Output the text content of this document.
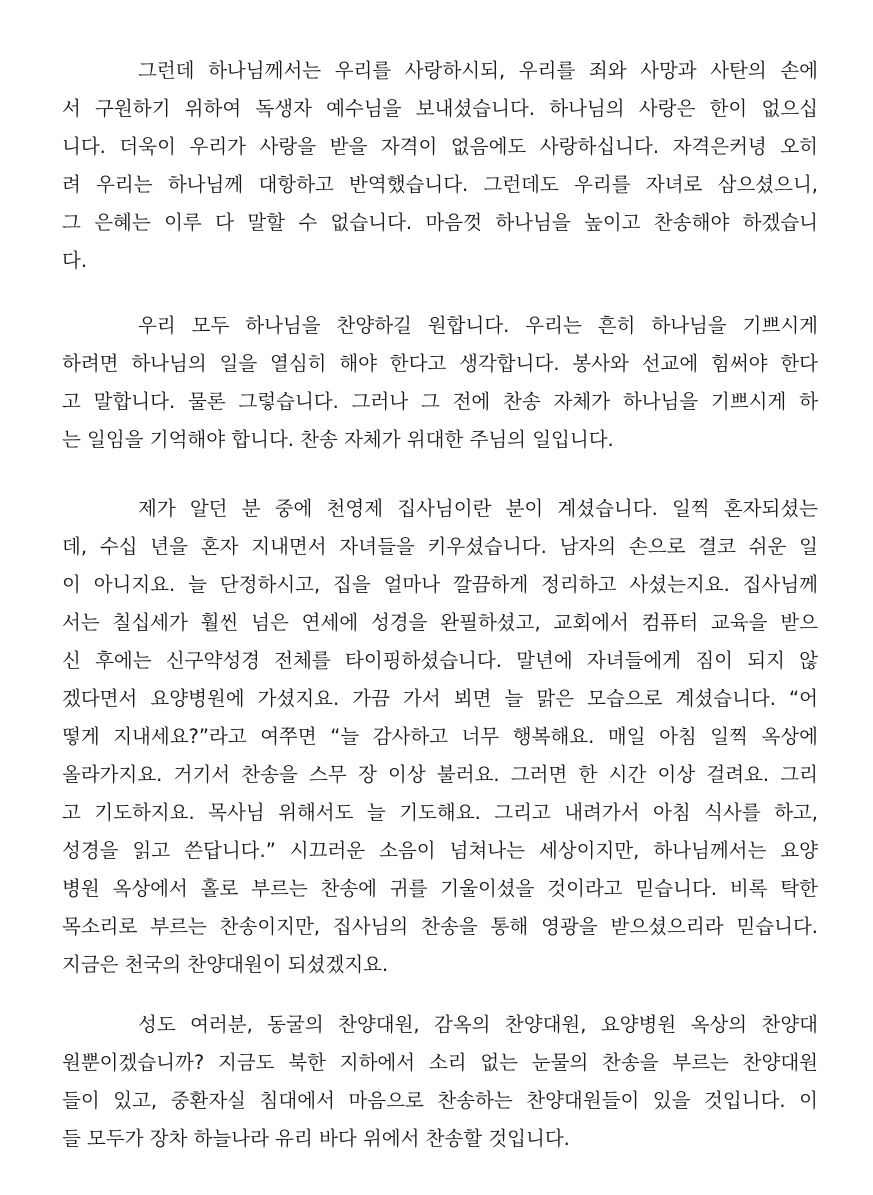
그런데 하나님께서는 우리를 사랑하시되, 우리를 죄와 사망과 사탄의 손에
서 구원하기 위하여 독생자 예수님을 보내셨습니다. 하나님의 사랑은 한이 없으십
니다. 더욱이 우리가 사랑을 받을 자격이 없음에도 사랑하십니다. 자격은커녕 오히
려 우리는 하나님께 대항하고 반역했습니다. 그런데도 우리를 자녀로 삼으셨으니,
그 은혜는 이루 다 말할 수 없습니다. 마음껏 하나님을 높이고 찬송해야 하겠습니
다.
우리 모두 하나님을 찬양하길 원합니다. 우리는 흔히 하나님을 기쁘시게
하려면 하나님의 일을 열심히 해야 한다고 생각합니다. 봉사와 선교에 힘써야 한다
고 말합니다. 물론 그렇습니다. 그러나 그 전에 찬송 자체가 하나님을 기쁘시게 하
는 일임을 기억해야 합니다. 찬송 자체가 위대한 주님의 일입니다.
제가 알던 분 중에 천영제 집사님이란 분이 계셨습니다. 일찍 혼자되셨는
데, 수십 년을 혼자 지내면서 자녀들을 키우셨습니다. 남자의 손으로 결코 쉬운 일
이 아니지요. 늘 단정하시고, 집을 얼마나 깔끔하게 정리하고 사셨는지요. 집사님께
서는 칠십세가 훨씬 넘은 연세에 성경을 완필하셨고, 교회에서 컴퓨터 교육을 받으
신 후에는 신구약성경 전체를 타이핑하셨습니다. 말년에 자녀들에게 짐이 되지 않
겠다면서 요양병원에 가셨지요. 가끔 가서 뵈면 늘 맑은 모습으로 계셨습니다. “어
떻게 지내세요?”라고 여쭈면 “늘 감사하고 너무 행복해요. 매일 아침 일찍 옥상에
올라가지요. 거기서 찬송을 스무 장 이상 불러요. 그러면 한 시간 이상 걸려요. 그리
고 기도하지요. 목사님 위해서도 늘 기도해요. 그리고 내려가서 아침 식사를 하고,
성경을 읽고 쓴답니다.” 시끄러운 소음이 넘쳐나는 세상이지만, 하나님께서는 요양
병원 옥상에서 홀로 부르는 찬송에 귀를 기울이셨을 것이라고 믿습니다. 비록 탁한
목소리로 부르는 찬송이지만, 집사님의 찬송을 통해 영광을 받으셨으리라 믿습니다.
지금은 천국의 찬양대원이 되셨겠지요.
성도 여러분, 동굴의 찬양대원, 감옥의 찬양대원, 요양병원 옥상의 찬양대
원뿐이겠습니까? 지금도 북한 지하에서 소리 없는 눈물의 찬송을 부르는 찬양대원
들이 있고, 중환자실 침대에서 마음으로 찬송하는 찬양대원들이 있을 것입니다. 이
들 모두가 장차 하늘나라 유리 바다 위에서 찬송할 것입니다.
